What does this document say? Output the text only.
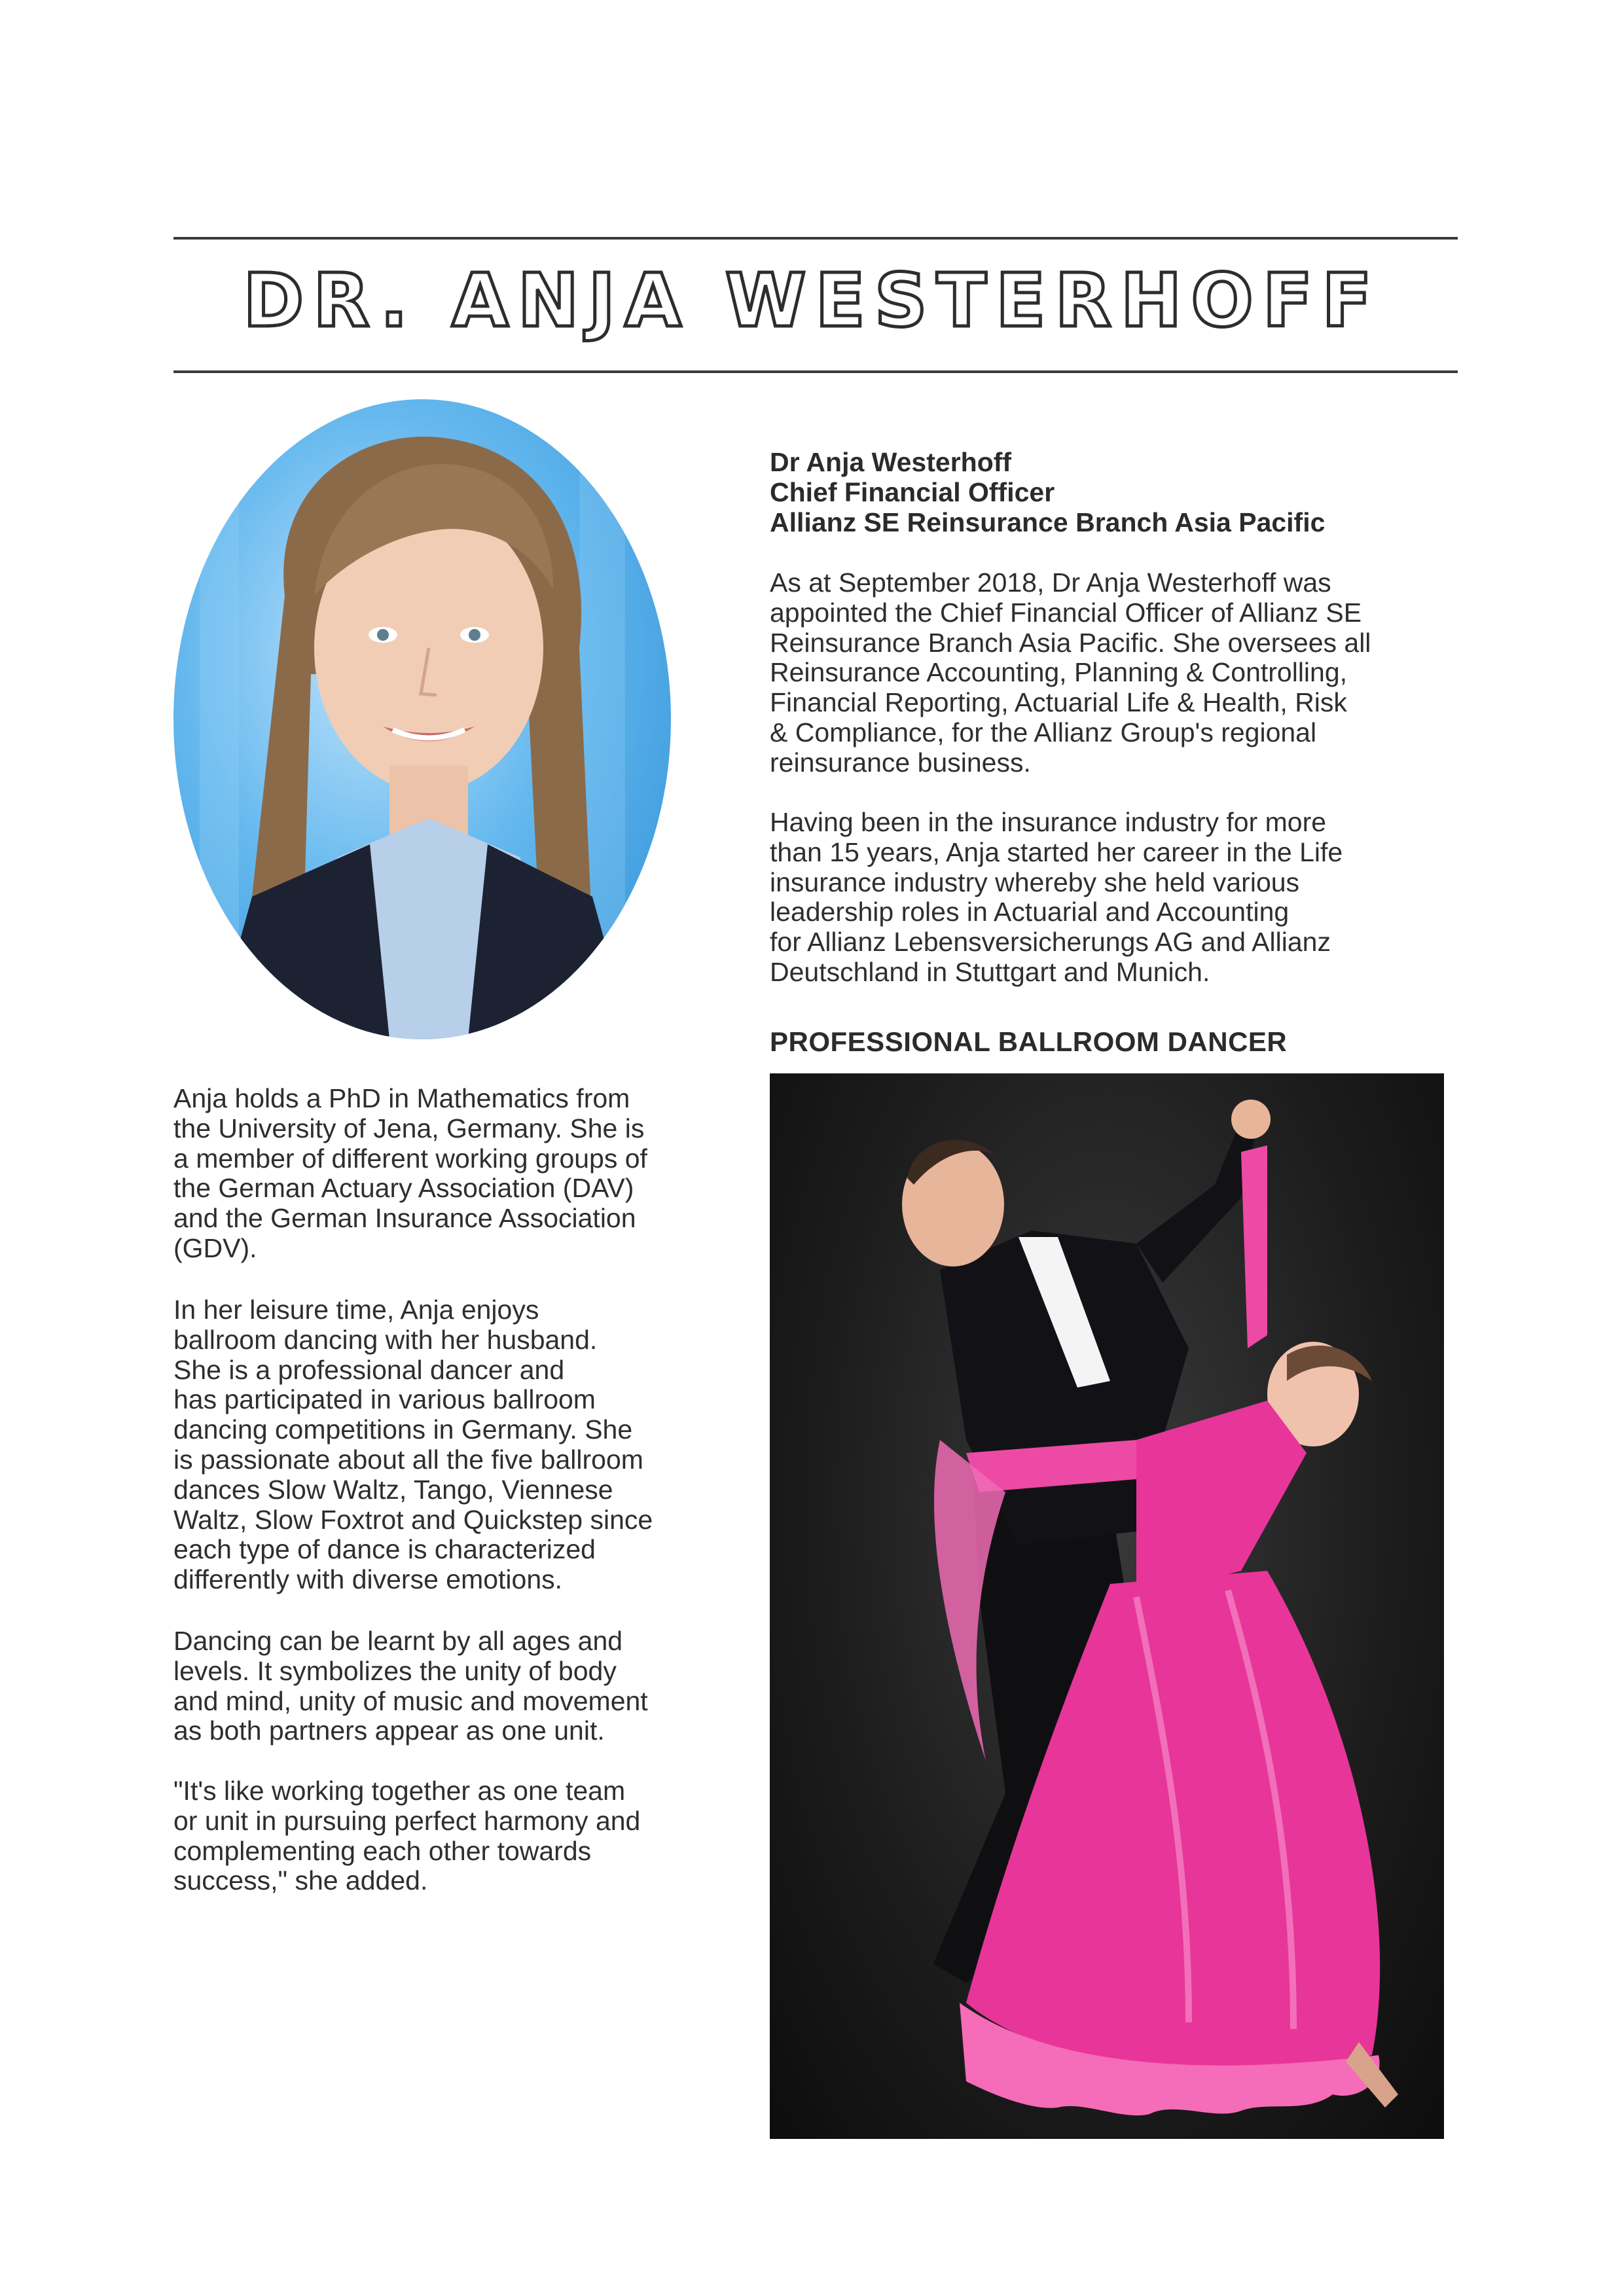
DR. ANJA WESTERHOFF
Dr Anja Westerhoff
Chief Financial Officer
Allianz SE Reinsurance Branch Asia Pacific

As at September 2018, Dr Anja Westerhoff was
appointed the Chief Financial Officer of Allianz SE
Reinsurance Branch Asia Pacific. She oversees all
Reinsurance Accounting, Planning & Controlling,
Financial Reporting, Actuarial Life & Health, Risk
& Compliance, for the Allianz Group's regional
reinsurance business.

Having been in the insurance industry for more
than 15 years, Anja started her career in the Life
insurance industry whereby she held various
leadership roles in Actuarial and Accounting
for Allianz Lebensversicherungs AG and Allianz
Deutschland in Stuttgart and Munich.

PROFESSIONAL BALLROOM DANCER

Anja holds a PhD in Mathematics from
the University of Jena, Germany. She is
a member of different working groups of
the German Actuary Association (DAV)
and the German Insurance Association
(GDV).

In her leisure time, Anja enjoys
ballroom dancing with her husband.
She is a professional dancer and
has participated in various ballroom
dancing competitions in Germany. She
is passionate about all the five ballroom
dances Slow Waltz, Tango, Viennese
Waltz, Slow Foxtrot and Quickstep since
each type of dance is characterized
differently with diverse emotions.

Dancing can be learnt by all ages and
levels. It symbolizes the unity of body
and mind, unity of music and movement
as both partners appear as one unit.

"It's like working together as one team
or unit in pursuing perfect harmony and
complementing each other towards
success," she added.
